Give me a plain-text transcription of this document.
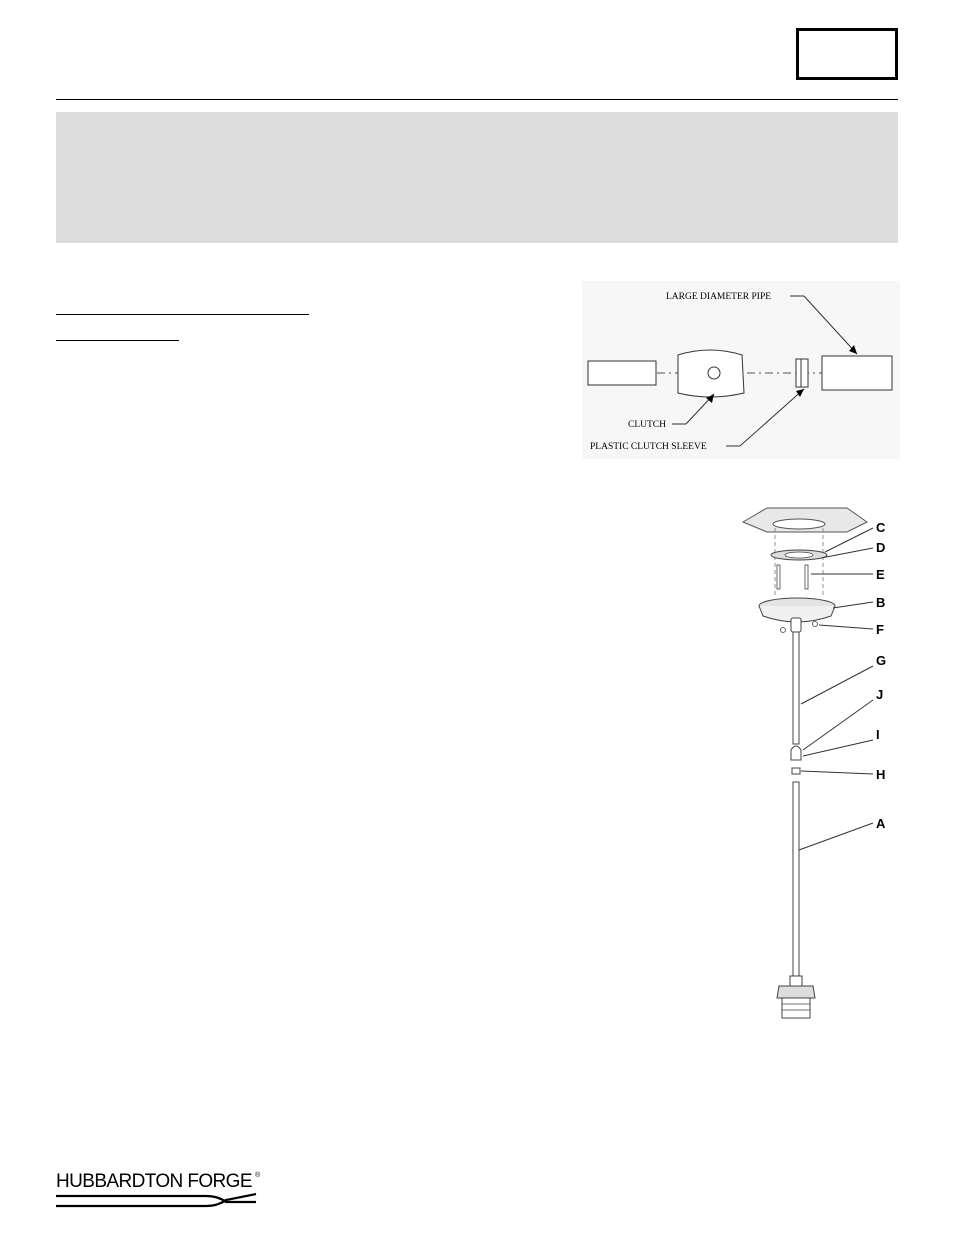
LARGE DIAMETER PIPE
CLUTCH
PLASTIC CLUTCH SLEEVE
C
D
E
B
F
G
J
I
H
A
HUBBARDTON FORGE ®
